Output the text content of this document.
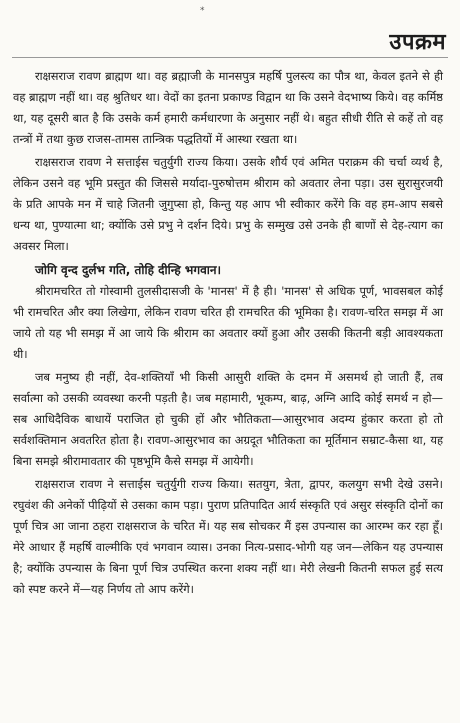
*
उपक्रम

राक्षसराज रावण ब्राह्मण था। वह ब्रह्माजी के मानसपुत्र महर्षि पुलस्त्य का पौत्र था, केवल इतने से ही वह ब्राह्मण नहीं था। वह श्रुतिधर था। वेदों का इतना प्रकाण्ड विद्वान था कि उसने वेदभाष्य किये। वह कर्मिष्ठ था, यह दूसरी बात है कि उसके कर्म हमारी कर्मधारणा के अनुसार नहीं थे। बहुत सीधी रीति से कहें तो वह तन्त्रों में तथा कुछ राजस-तामस तान्त्रिक पद्धतियों में आस्था रखता था।

राक्षसराज रावण ने सत्ताईस चतुर्युगी राज्य किया। उसके शौर्य एवं अमित पराक्रम की चर्चा व्यर्थ है, लेकिन उसने वह भूमि प्रस्तुत की जिससे मर्यादा-पुरुषोत्तम श्रीराम को अवतार लेना पड़ा। उस सुरासुरजयी के प्रति आपके मन में चाहे जितनी जुगुप्सा हो, किन्तु यह आप भी स्वीकार करेंगे कि वह हम-आप सबसे धन्य था, पुण्यात्मा था; क्योंकि उसे प्रभु ने दर्शन दिये। प्रभु के सम्मुख उसे उनके ही बाणों से देह-त्याग का अवसर मिला।

जोगि वृन्द दुर्लभ गति, तोहि दीन्हि भगवान।

श्रीरामचरित तो गोस्वामी तुलसीदासजी के 'मानस' में है ही। 'मानस' से अधिक पूर्ण, भावसबल कोई भी रामचरित और क्या लिखेगा, लेकिन रावण चरित ही रामचरित की भूमिका है। रावण-चरित समझ में आ जाये तो यह भी समझ में आ जाये कि श्रीराम का अवतार क्यों हुआ और उसकी कितनी बड़ी आवश्यकता थी।

जब मनुष्य ही नहीं, देव-शक्तियाँ भी किसी आसुरी शक्ति के दमन में असमर्थ हो जाती हैं, तब सर्वात्मा को उसकी व्यवस्था करनी पड़ती है। जब महामारी, भूकम्प, बाढ़, अग्नि आदि कोई समर्थ न हो—सब आधिदैविक बाधायें पराजित हो चुकी हों और भौतिकता—आसुरभाव अदम्य हुंकार करता हो तो सर्वशक्तिमान अवतरित होता है। रावण-आसुरभाव का अग्रदूत भौतिकता का मूर्तिमान सम्राट-कैसा था, यह बिना समझे श्रीरामावतार की पृष्ठभूमि कैसे समझ में आयेगी।

राक्षसराज रावण ने सत्ताईस चतुर्युगी राज्य किया। सतयुग, त्रेता, द्वापर, कलयुग सभी देखे उसने। रघुवंश की अनेकों पीढ़ियों से उसका काम पड़ा। पुराण प्रतिपादित आर्य संस्कृति एवं असुर संस्कृति दोनों का पूर्ण चित्र आ जाना ठहरा राक्षसराज के चरित में। यह सब सोचकर मैं इस उपन्यास का आरम्भ कर रहा हूँ। मेरे आधार हैं महर्षि वाल्मीकि एवं भगवान व्यास। उनका नित्य-प्रसाद-भोगी यह जन—लेकिन यह उपन्यास है; क्योंकि उपन्यास के बिना पूर्ण चित्र उपस्थित करना शक्य नहीं था। मेरी लेखनी कितनी सफल हुई सत्य को स्पष्ट करने में—यह निर्णय तो आप करेंगे।
